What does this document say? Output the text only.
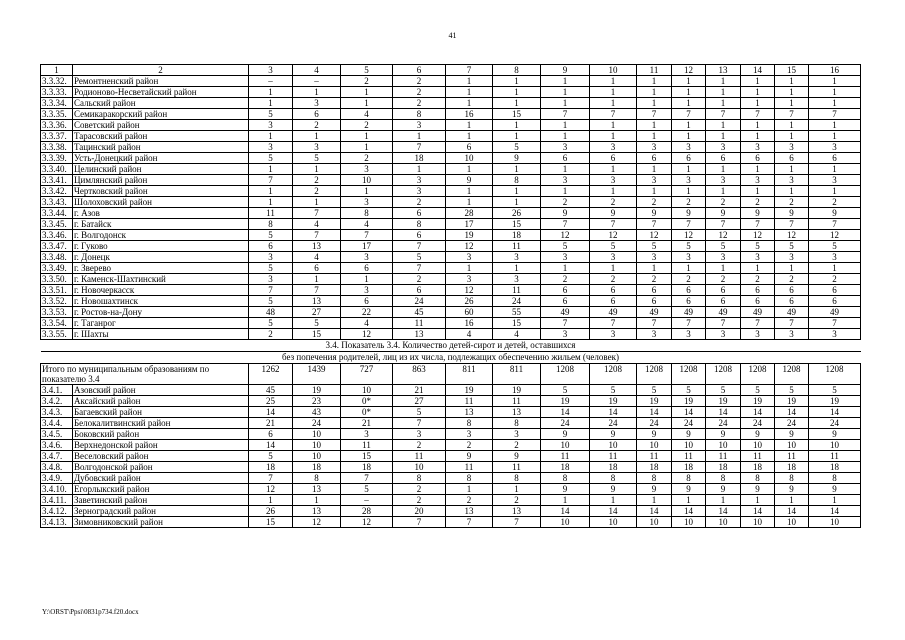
41
1	2	3	4	5	6	7	8	9	10	11	12	13	14	15	16
3.3.32.	Ремонтненский район	–	–	2	2	1	1	1	1	1	1	1	1	1	1
3.3.33.	Родионово-Несветайский район	1	1	1	2	1	1	1	1	1	1	1	1	1	1
3.3.34.	Сальский район	1	3	1	2	1	1	1	1	1	1	1	1	1	1
3.3.35.	Семикаракорский район	5	6	4	8	16	15	7	7	7	7	7	7	7	7
3.3.36.	Советский район	3	2	2	3	1	1	1	1	1	1	1	1	1	1
3.3.37.	Тарасовский район	1	1	1	1	1	1	1	1	1	1	1	1	1	1
3.3.38.	Тацинский район	3	3	1	7	6	5	3	3	3	3	3	3	3	3
3.3.39.	Усть-Донецкий район	5	5	2	18	10	9	6	6	6	6	6	6	6	6
3.3.40.	Целинский район	1	1	3	1	1	1	1	1	1	1	1	1	1	1
3.3.41.	Цимлянский район	7	2	10	3	9	8	3	3	3	3	3	3	3	3
3.3.42.	Чертковский район	1	2	1	3	1	1	1	1	1	1	1	1	1	1
3.3.43.	Шолоховский район	1	1	3	2	1	1	2	2	2	2	2	2	2	2
3.3.44.	г. Азов	11	7	8	6	28	26	9	9	9	9	9	9	9	9
3.3.45.	г. Батайск	8	4	4	8	17	15	7	7	7	7	7	7	7	7
3.3.46.	г. Волгодонск	5	7	7	6	19	18	12	12	12	12	12	12	12	12
3.3.47.	г. Гуково	6	13	17	7	12	11	5	5	5	5	5	5	5	5
3.3.48.	г. Донецк	3	4	3	5	3	3	3	3	3	3	3	3	3	3
3.3.49.	г. Зверево	5	6	6	7	1	1	1	1	1	1	1	1	1	1
3.3.50.	г. Каменск-Шахтинский	3	1	1	2	3	3	2	2	2	2	2	2	2	2
3.3.51.	г. Новочеркасск	7	7	3	6	12	11	6	6	6	6	6	6	6	6
3.3.52.	г. Новошахтинск	5	13	6	24	26	24	6	6	6	6	6	6	6	6
3.3.53.	г. Ростов-на-Дону	48	27	22	45	60	55	49	49	49	49	49	49	49	49
3.3.54.	г. Таганрог	5	5	4	11	16	15	7	7	7	7	7	7	7	7
3.3.55.	г. Шахты	2	15	12	13	4	4	3	3	3	3	3	3	3	3
3.4. Показатель 3.4. Количество детей-сирот и детей, оставшихся															
без попечения родителей, лиц из их числа, подлежащих обеспечению жильем (человек)															
Итого по муниципальным образованиям по показателю 3.4		1262	1439	727	863	811	811	1208	1208	1208	1208	1208	1208	1208	1208
3.4.1.	Азовский район	45	19	10	21	19	19	5	5	5	5	5	5	5	5
3.4.2.	Аксайский район	25	23	0*	27	11	11	19	19	19	19	19	19	19	19
3.4.3.	Багаевский район	14	43	0*	5	13	13	14	14	14	14	14	14	14	14
3.4.4.	Белокалитвинский район	21	24	21	7	8	8	24	24	24	24	24	24	24	24
3.4.5.	Боковский район	6	10	3	3	3	3	9	9	9	9	9	9	9	9
3.4.6.	Верхнедонской район	14	10	11	2	2	2	10	10	10	10	10	10	10	10
3.4.7.	Веселовский район	5	10	15	11	9	9	11	11	11	11	11	11	11	11
3.4.8.	Волгодонской район	18	18	18	10	11	11	18	18	18	18	18	18	18	18
3.4.9.	Дубовский район	7	8	7	8	8	8	8	8	8	8	8	8	8	8
3.4.10.	Егорлыкский район	12	13	5	2	1	1	9	9	9	9	9	9	9	9
3.4.11.	Заветинский район	1	1	–	2	2	2	1	1	1	1	1	1	1	1
3.4.12.	Зерноградский район	26	13	28	20	13	13	14	14	14	14	14	14	14	14
3.4.13.	Зимовниковский район	15	12	12	7	7	7	10	10	10	10	10	10	10	10
Y:\ORST\Ppsi\0831p734.f20.docx
